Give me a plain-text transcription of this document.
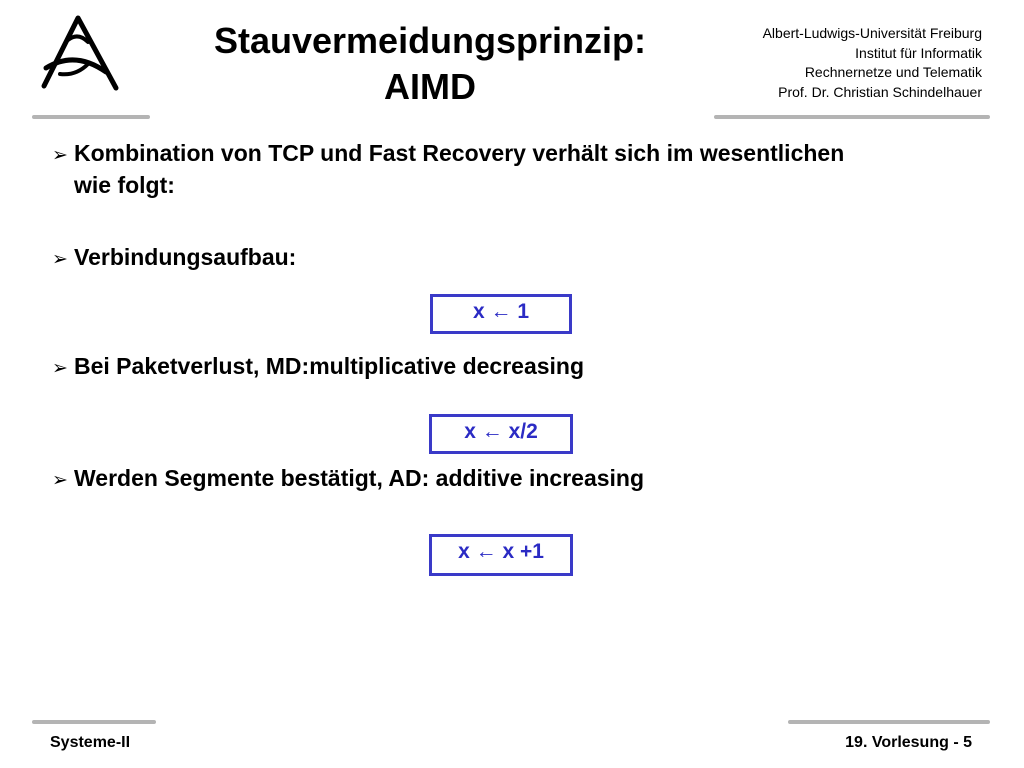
Stauvermeidungsprinzip:
AIMD
Albert-Ludwigs-Universität Freiburg
Institut für Informatik
Rechnernetze und Telematik
Prof. Dr. Christian Schindelhauer
➢ Kombination von TCP und Fast Recovery verhält sich im wesentlichen
wie folgt:
➢ Verbindungsaufbau:
x ← 1
➢ Bei Paketverlust, MD:multiplicative decreasing
x ← x/2
➢ Werden Segmente bestätigt, AD: additive increasing
x ← x +1
Systeme-II	19. Vorlesung - 5
